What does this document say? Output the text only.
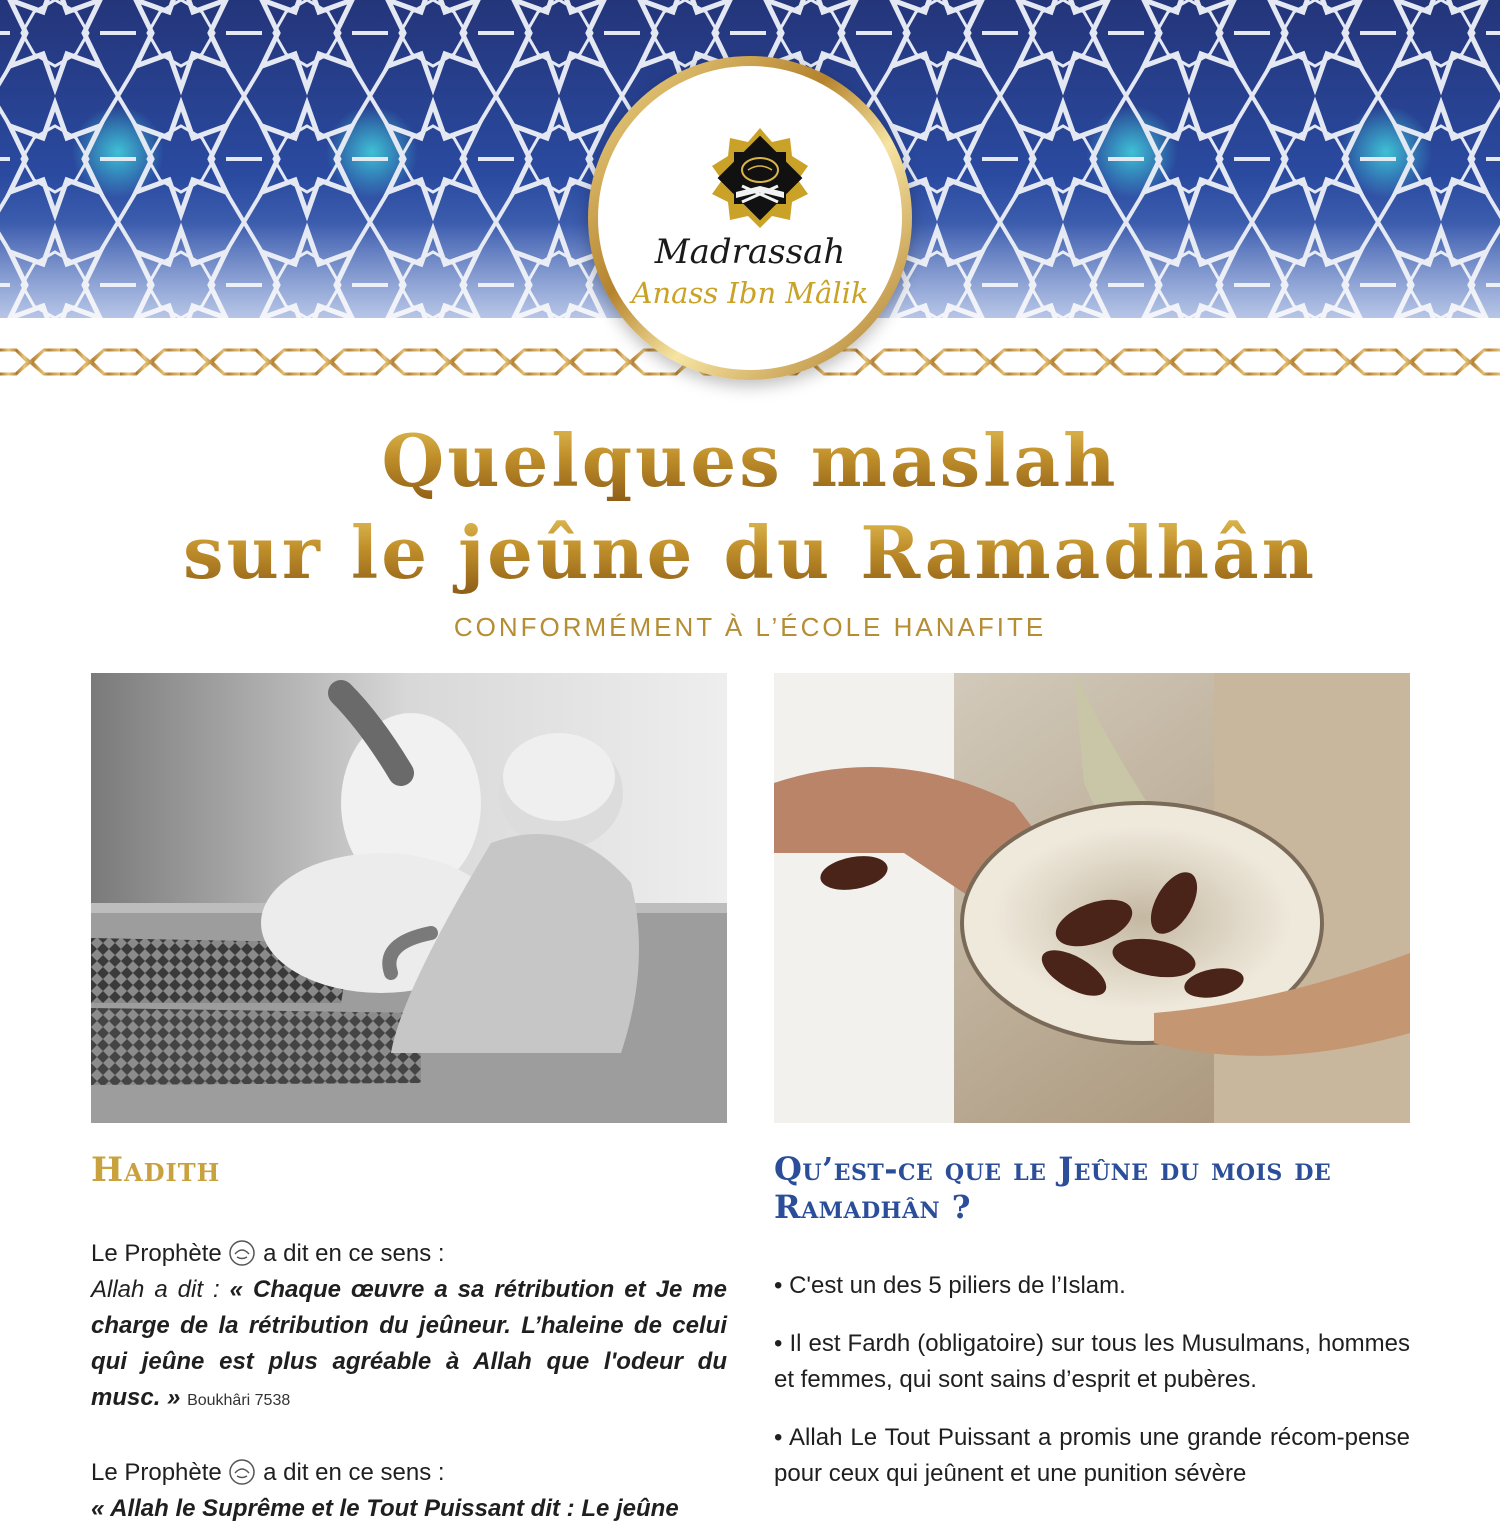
Madrassah
Anass Ibn Mâlik
Quelques maslah
sur le jeûne du Ramadhân
CONFORMÉMENT À L’ÉCOLE HANAFITE
Hadith
Le Prophète  a dit en ce sens :
Allah a dit : « Chaque œuvre a sa rétribution et Je me charge de la rétribution du jeûneur. L’haleine de celui qui jeûne est plus agréable à Allah que l'odeur du musc. » Boukhâri 7538
Le Prophète  a dit en ce sens :
« Allah le Suprême et le Tout Puissant dit : Le jeûne
Qu’est-ce que le Jeûne du mois de Ramadhân ?
• C'est un des 5 piliers de l’Islam.
• Il est Fardh (obligatoire) sur tous les Musulmans, hommes et femmes, qui sont sains d’esprit et pubères.
• Allah Le Tout Puissant a promis une grande récom-pense pour ceux qui jeûnent et une punition sévère
